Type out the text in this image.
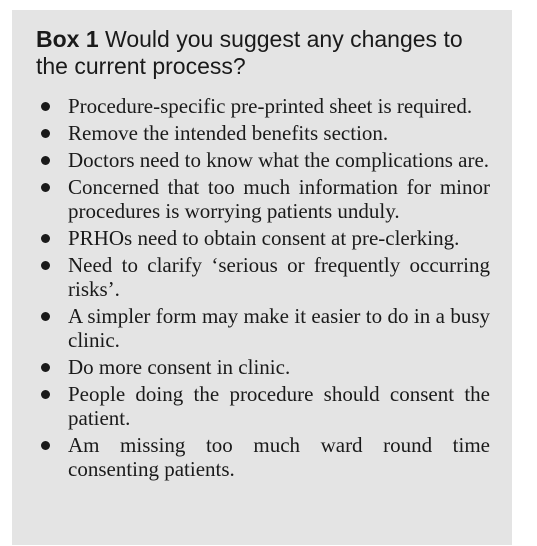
Box 1 Would you suggest any changes to the current process?
Procedure-specific pre-printed sheet is required.
Remove the intended benefits section.
Doctors need to know what the complications are.
Concerned that too much information for minor procedures is worrying patients unduly.
PRHOs need to obtain consent at pre-clerking.
Need to clarify ‘serious or frequently occurring risks’.
A simpler form may make it easier to do in a busy clinic.
Do more consent in clinic.
People doing the procedure should consent the patient.
Am missing too much ward round time consenting patients.
